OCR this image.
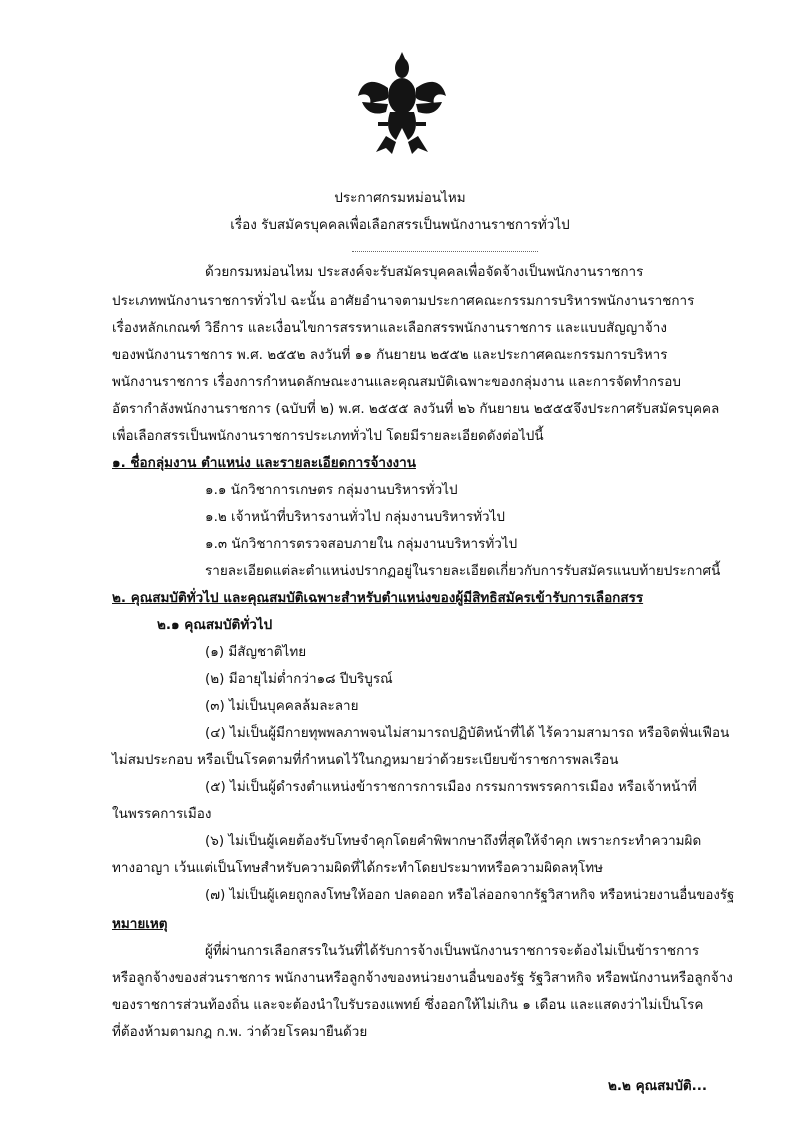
ประกาศกรมหม่อนไหม
เรื่อง รับสมัครบุคคลเพื่อเลือกสรรเป็นพนักงานราชการทั่วไป
ด้วยกรมหม่อนไหม ประสงค์จะรับสมัครบุคคลเพื่อจัดจ้างเป็นพนักงานราชการ
ประเภทพนักงานราชการทั่วไป ฉะนั้น อาศัยอำนาจตามประกาศคณะกรรมการบริหารพนักงานราชการ
เรื่องหลักเกณฑ์ วิธีการ และเงื่อนไขการสรรหาและเลือกสรรพนักงานราชการ และแบบสัญญาจ้าง
ของพนักงานราชการ พ.ศ. ๒๕๕๒ ลงวันที่ ๑๑ กันยายน ๒๕๕๒ และประกาศคณะกรรมการบริหาร
พนักงานราชการ เรื่องการกำหนดลักษณะงานและคุณสมบัติเฉพาะของกลุ่มงาน และการจัดทำกรอบ
อัตรากำลังพนักงานราชการ (ฉบับที่ ๒) พ.ศ. ๒๕๕๕ ลงวันที่ ๒๖ กันยายน ๒๕๕๕จึงประกาศรับสมัครบุคคล
เพื่อเลือกสรรเป็นพนักงานราชการประเภททั่วไป โดยมีรายละเอียดดังต่อไปนี้
๑. ชื่อกลุ่มงาน ตำแหน่ง และรายละเอียดการจ้างงาน
๑.๑ นักวิชาการเกษตร กลุ่มงานบริหารทั่วไป
๑.๒ เจ้าหน้าที่บริหารงานทั่วไป กลุ่มงานบริหารทั่วไป
๑.๓ นักวิชาการตรวจสอบภายใน กลุ่มงานบริหารทั่วไป
รายละเอียดแต่ละตำแหน่งปรากฏอยู่ในรายละเอียดเกี่ยวกับการรับสมัครแนบท้ายประกาศนี้
๒. คุณสมบัติทั่วไป และคุณสมบัติเฉพาะสำหรับตำแหน่งของผู้มีสิทธิสมัครเข้ารับการเลือกสรร
๒.๑ คุณสมบัติทั่วไป
(๑) มีสัญชาติไทย
(๒) มีอายุไม่ต่ำกว่า๑๘ ปีบริบูรณ์
(๓) ไม่เป็นบุคคลล้มละลาย
(๔) ไม่เป็นผู้มีกายทุพพลภาพจนไม่สามารถปฏิบัติหน้าที่ได้ ไร้ความสามารถ หรือจิตฟั่นเฟือน
ไม่สมประกอบ หรือเป็นโรคตามที่กำหนดไว้ในกฎหมายว่าด้วยระเบียบข้าราชการพลเรือน
(๕) ไม่เป็นผู้ดำรงตำแหน่งข้าราชการการเมือง กรรมการพรรคการเมือง หรือเจ้าหน้าที่
ในพรรคการเมือง
(๖) ไม่เป็นผู้เคยต้องรับโทษจำคุกโดยคำพิพากษาถึงที่สุดให้จำคุก เพราะกระทำความผิด
ทางอาญา เว้นแต่เป็นโทษสำหรับความผิดที่ได้กระทำโดยประมาทหรือความผิดลหุโทษ
(๗) ไม่เป็นผู้เคยถูกลงโทษให้ออก ปลดออก หรือไล่ออกจากรัฐวิสาหกิจ หรือหน่วยงานอื่นของรัฐ
หมายเหตุ
ผู้ที่ผ่านการเลือกสรรในวันที่ได้รับการจ้างเป็นพนักงานราชการจะต้องไม่เป็นข้าราชการ
หรือลูกจ้างของส่วนราชการ พนักงานหรือลูกจ้างของหน่วยงานอื่นของรัฐ รัฐวิสาหกิจ หรือพนักงานหรือลูกจ้าง
ของราชการส่วนท้องถิ่น และจะต้องนำใบรับรองแพทย์ ซึ่งออกให้ไม่เกิน ๑ เดือน และแสดงว่าไม่เป็นโรค
ที่ต้องห้ามตามกฎ ก.พ. ว่าด้วยโรคมายืนด้วย
๒.๒ คุณสมบัติ...
